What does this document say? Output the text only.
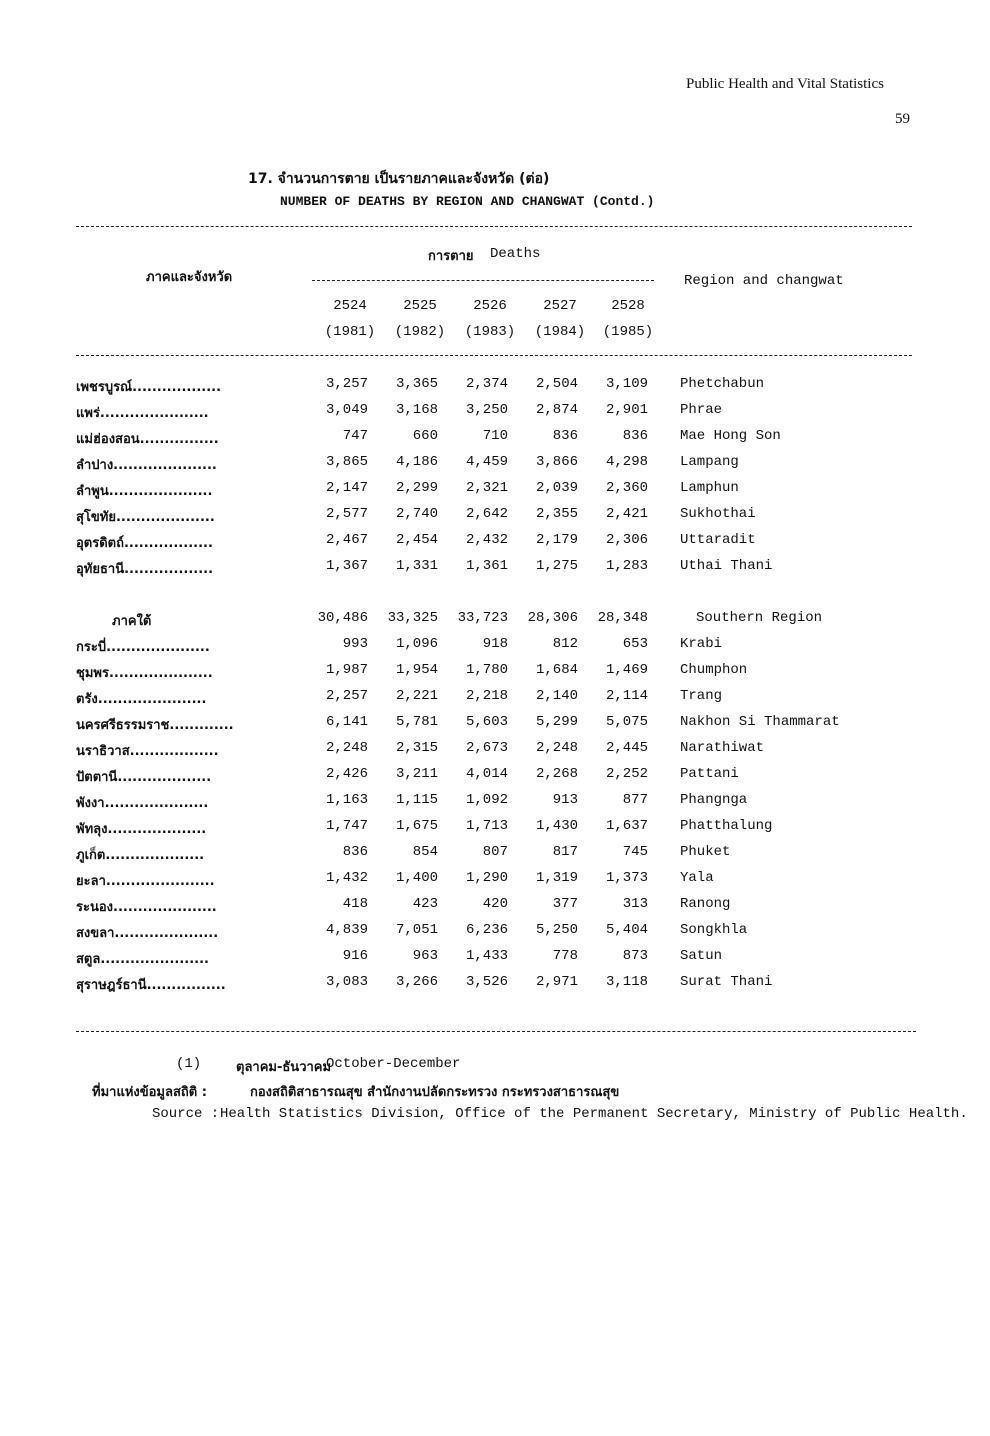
Public Health and Vital Statistics
59
17. จำนวนการตาย เป็นรายภาคและจังหวัด (ต่อ)
NUMBER OF DEATHS BY REGION AND CHANGWAT (Contd.)
ภาคและจังหวัด
การตาย Deaths
Region and changwat
2524	2525	2526	2527	2528
(1981)	(1982)	(1983)	(1984)	(1985)
เพชรบูรณ์..................	3,257	3,365	2,374	2,504	3,109 Phetchabun
แพร่......................	3,049	3,168	3,250	2,874	2,901 Phrae
แม่ฮ่องสอน................	747	660	710	836	836 Mae Hong Son
ลำปาง.....................	3,865	4,186	4,459	3,866	4,298 Lampang
ลำพูน.....................	2,147	2,299	2,321	2,039	2,360 Lamphun
สุโขทัย....................	2,577	2,740	2,642	2,355	2,421 Sukhothai
อุตรดิตถ์..................	2,467	2,454	2,432	2,179	2,306 Uttaradit
อุทัยธานี..................	1,367	1,331	1,361	1,275	1,283 Uthai Thani
ภาคใต้	30,486	33,325	33,723	28,306	28,348	Southern Region
กระบี่.....................	993	1,096	918	812	653 Krabi
ชุมพร.....................	1,987	1,954	1,780	1,684	1,469 Chumphon
ตรัง......................	2,257	2,221	2,218	2,140	2,114 Trang
นครศรีธรรมราช.............	6,141	5,781	5,603	5,299	5,075 Nakhon Si Thammarat
นราธิวาส..................	2,248	2,315	2,673	2,248	2,445 Narathiwat
ปัตตานี...................	2,426	3,211	4,014	2,268	2,252 Pattani
พังงา.....................	1,163	1,115	1,092	913	877 Phangnga
พัทลุง....................	1,747	1,675	1,713	1,430	1,637 Phatthalung
ภูเก็ต....................	836	854	807	817	745 Phuket
ยะลา......................	1,432	1,400	1,290	1,319	1,373 Yala
ระนอง.....................	418	423	420	377	313 Ranong
สงขลา.....................	4,839	7,051	6,236	5,250	5,404 Songkhla
สตูล......................	916	963	1,433	778	873 Satun
สุราษฎร์ธานี................	3,083	3,266	3,526	2,971	3,118 Surat Thani
(1)	ตุลาคม-ธันวาคม
October-December
ที่มาแห่งข้อมูลสถิติ :	กองสถิติสาธารณสุข สำนักงานปลัดกระทรวง กระทรวงสาธารณสุข
Source : Health Statistics Division, Office of the Permanent Secretary, Ministry of Public Health.
